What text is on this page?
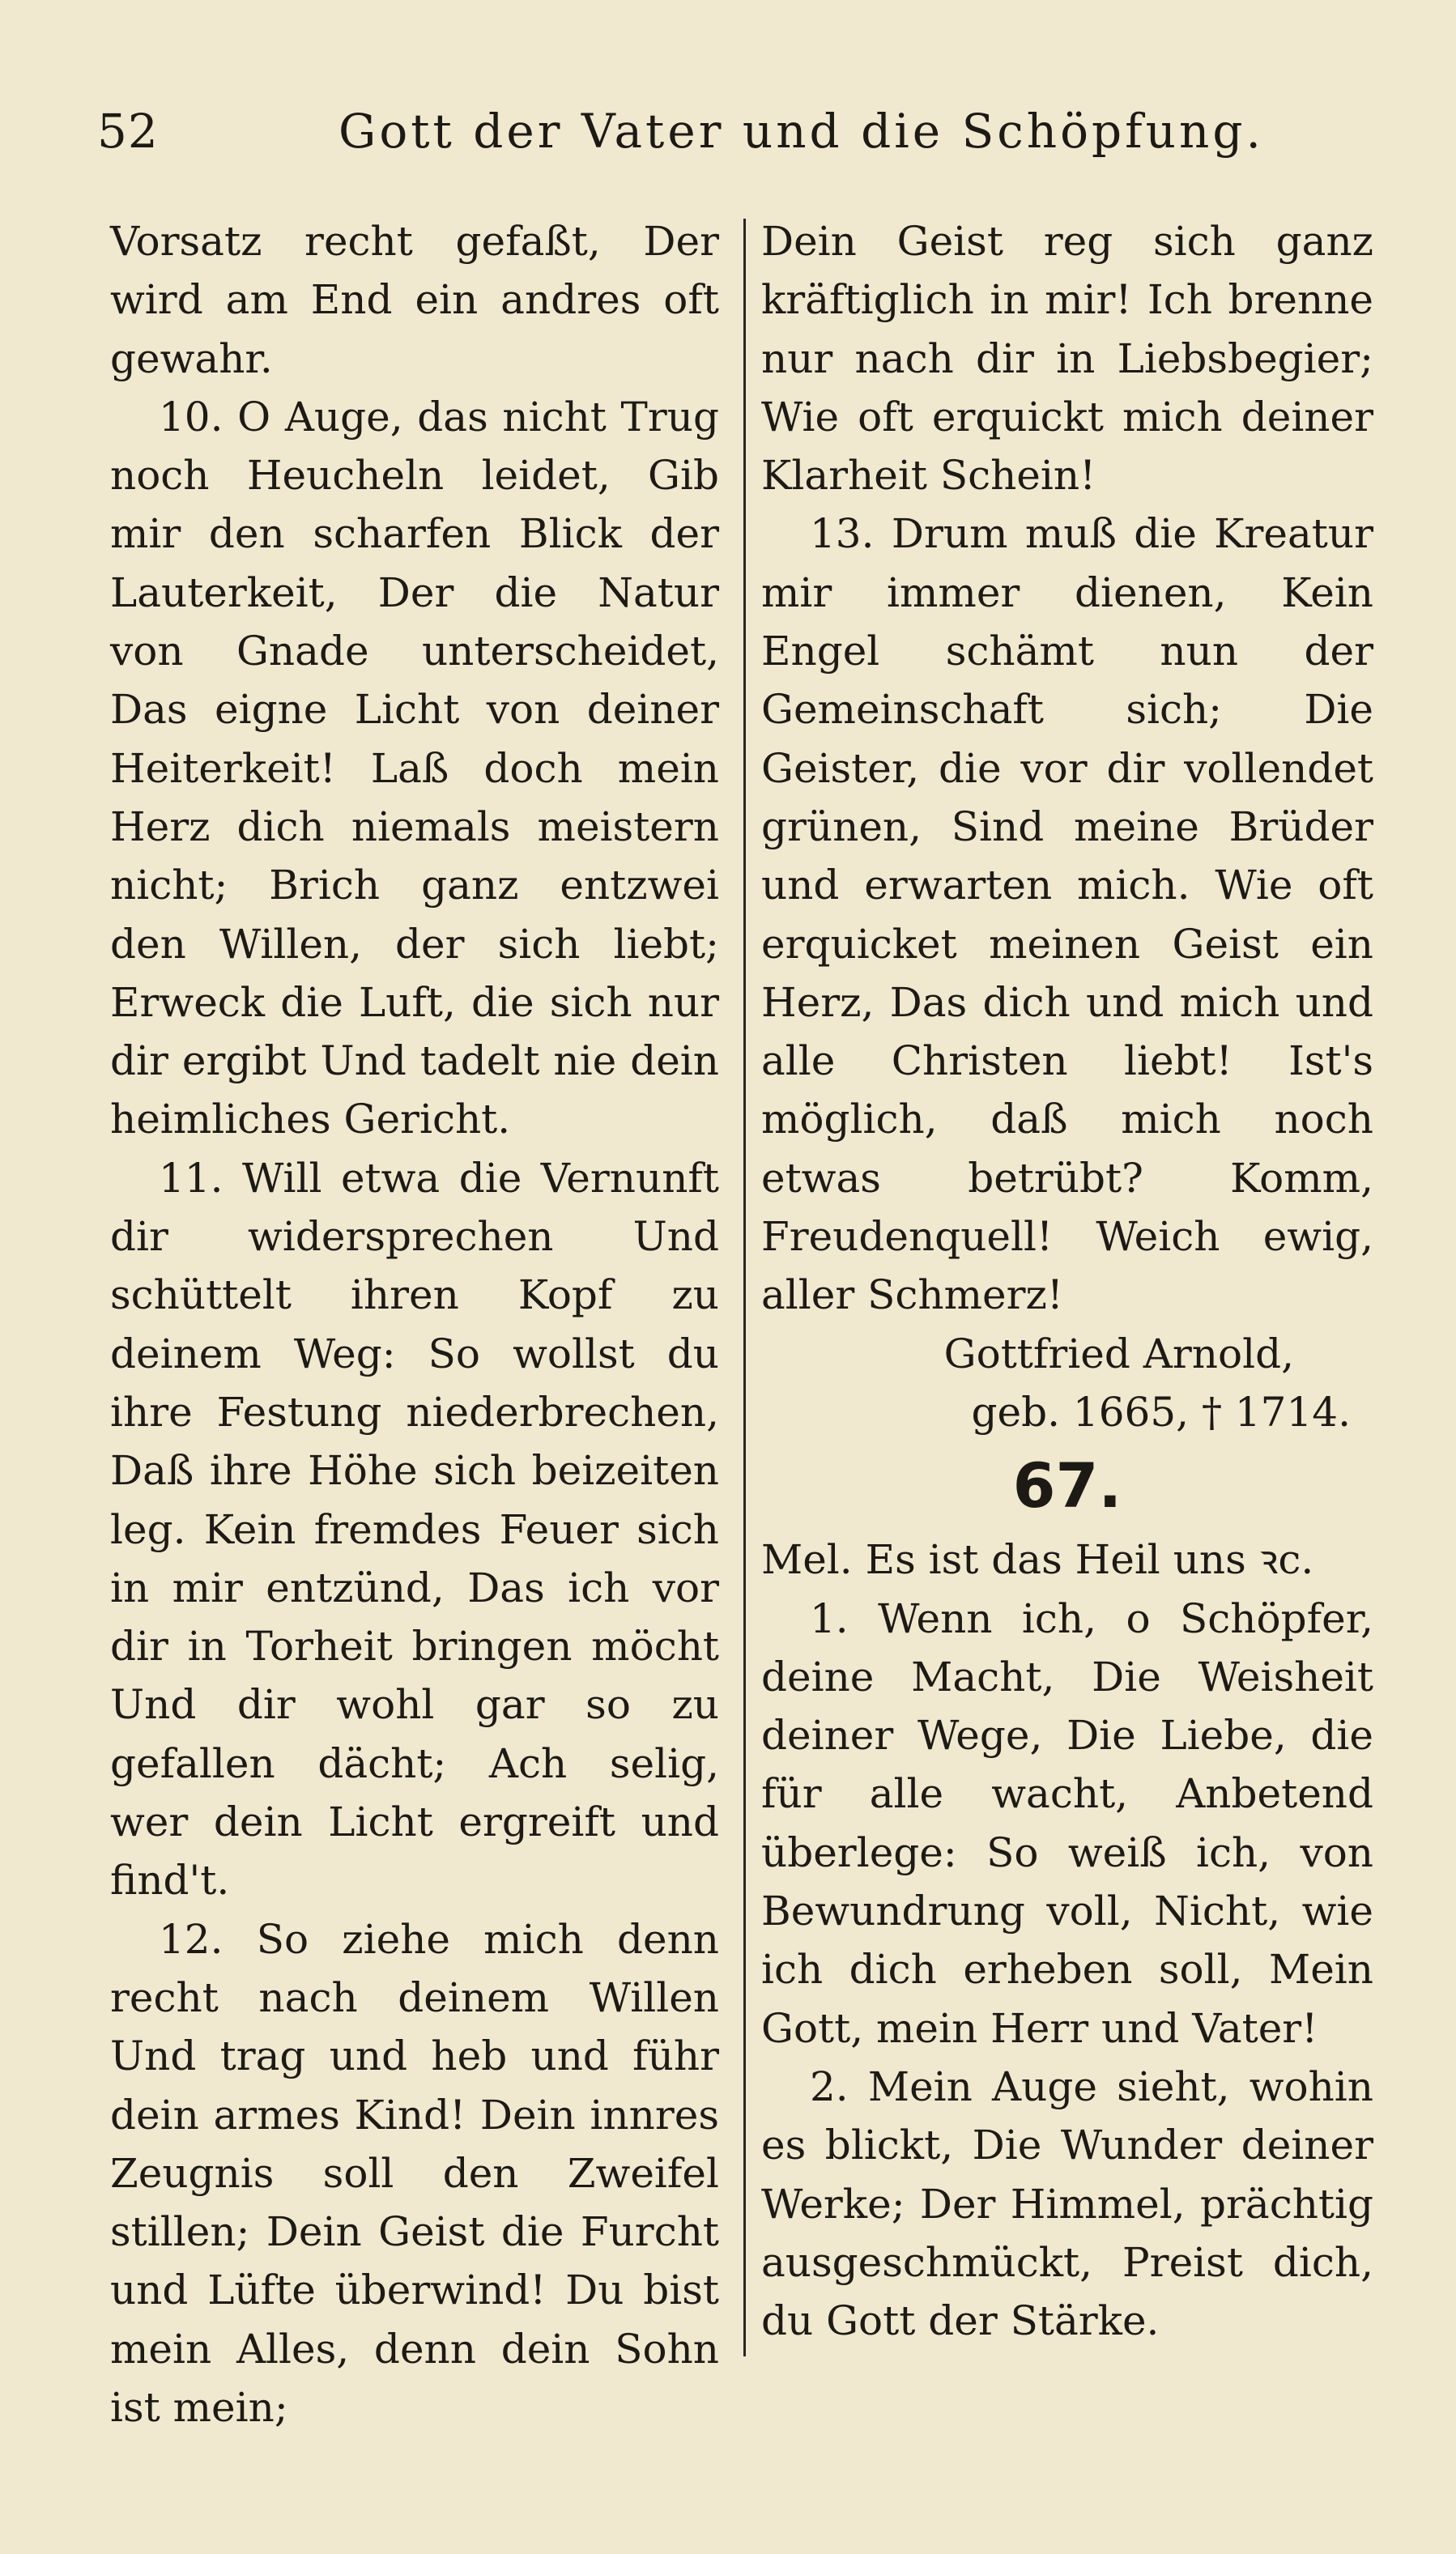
52	Gott der Vater und die Schöpfung.

Vorsatz recht gefaßt, Der wird am End ein andres oft gewahr.

10. O Auge, das nicht Trug noch Heucheln leidet, Gib mir den scharfen Blick der Lauterkeit, Der die Natur von Gnade unterscheidet, Das eigne Licht von deiner Heiterkeit! Laß doch mein Herz dich niemals meistern nicht; Brich ganz entzwei den Willen, der sich liebt; Erweck die Luft, die sich nur dir ergibt Und tadelt nie dein heimliches Gericht.

11. Will etwa die Vernunft dir widersprechen Und schüttelt ihren Kopf zu deinem Weg: So wollst du ihre Festung niederbrechen, Daß ihre Höhe sich beizeiten leg. Kein fremdes Feuer sich in mir entzünd, Das ich vor dir in Torheit bringen möcht Und dir wohl gar so zu gefallen dächt; Ach selig, wer dein Licht ergreift und find't.

12. So ziehe mich denn recht nach deinem Willen Und trag und heb und führ dein armes Kind! Dein innres Zeugnis soll den Zweifel stillen; Dein Geist die Furcht und Lüfte überwind! Du bist mein Alles, denn dein Sohn ist mein;

Dein Geist reg sich ganz kräftiglich in mir! Ich brenne nur nach dir in Liebsbegier; Wie oft erquickt mich deiner Klarheit Schein!

13. Drum muß die Kreatur mir immer dienen, Kein Engel schämt nun der Gemeinschaft sich; Die Geister, die vor dir vollendet grünen, Sind meine Brüder und erwarten mich. Wie oft erquicket meinen Geist ein Herz, Das dich und mich und alle Christen liebt! Ist's möglich, daß mich noch etwas betrübt? Komm, Freudenquell! Weich ewig, aller Schmerz!

Gottfried Arnold,
geb. 1665, † 1714.

67.

Mel. Es ist das Heil uns ꝛc.

1. Wenn ich, o Schöpfer, deine Macht, Die Weisheit deiner Wege, Die Liebe, die für alle wacht, Anbetend überlege: So weiß ich, von Bewundrung voll, Nicht, wie ich dich erheben soll, Mein Gott, mein Herr und Vater!

2. Mein Auge sieht, wohin es blickt, Die Wunder deiner Werke; Der Himmel, prächtig ausgeschmückt, Preist dich, du Gott der Stärke.
